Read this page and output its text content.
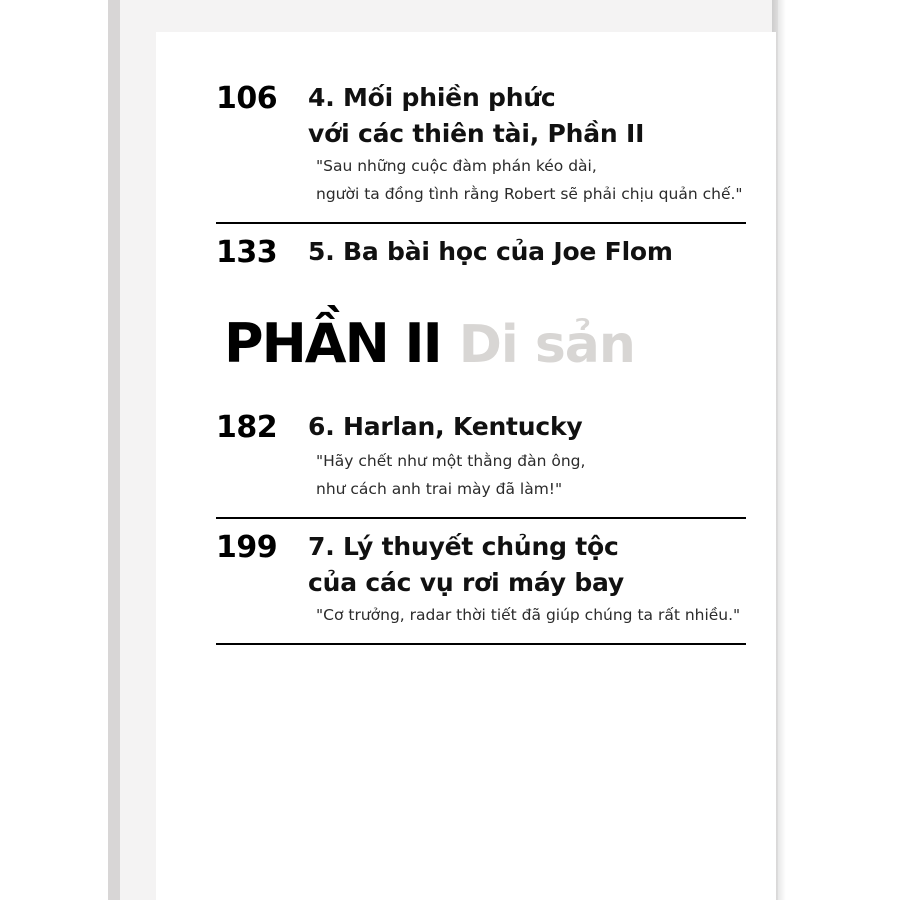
106	4. Mối phiền phức
với các thiên tài, Phần II
"Sau những cuộc đàm phán kéo dài,
người ta đồng tình rằng Robert sẽ phải chịu quản chế."
133	5. Ba bài học của Joe Flom
PHẦN II Di sản
182	6. Harlan, Kentucky
"Hãy chết như một thằng đàn ông,
như cách anh trai mày đã làm!"
199	7. Lý thuyết chủng tộc
của các vụ rơi máy bay
"Cơ trưởng, radar thời tiết đã giúp chúng ta rất nhiều."
